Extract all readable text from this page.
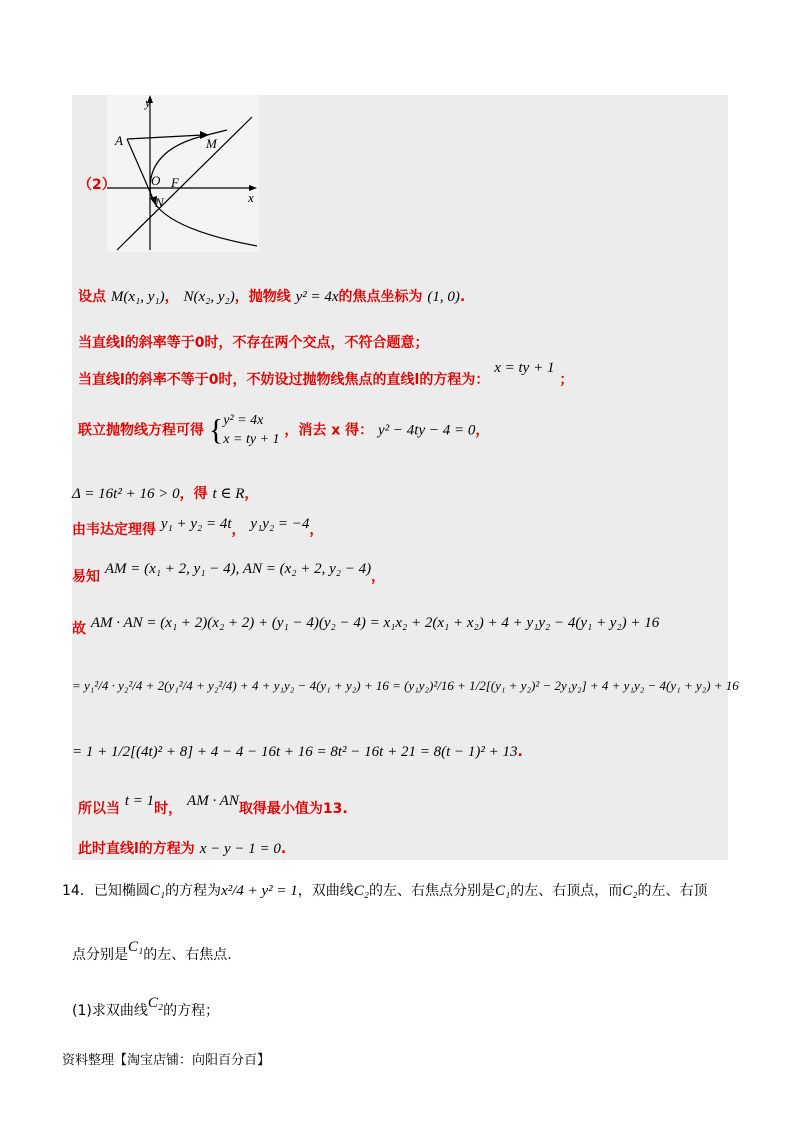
y
x
A	M
O F
N
（2）
设点 M(x₁, y₁)， N(x₂, y₂)，抛物线 y² = 4x的焦点坐标为 (1, 0).
当直线l的斜率等于0时，不存在两个交点，不符合题意；
当直线l的斜率不等于0时，不妨设过抛物线焦点的直线l的方程为： x = ty + 1 ；
联立抛物线方程可得 { y² = 4x
x = ty + 1
，消去 x 得： y² − 4ty − 4 = 0，
Δ = 16t² + 16 > 0，得 t ∈ R，
由韦达定理得 y₁ + y₂ = 4t， y₁y₂ = −4，
易知 AM = (x₁ + 2, y₁ − 4), AN = (x₂ + 2, y₂ − 4)，
故 AM · AN = (x₁ + 2)(x₂ + 2) + (y₁ − 4)(y₂ − 4) = x₁x₂ + 2(x₁ + x₂) + 4 + y₁y₂ − 4(y₁ + y₂) + 16
= y₁²/4 · y₂²/4 + 2(y₁²/4 + y₂²/4) + 4 + y₁y₂ − 4(y₁ + y₂) + 16 = (y₁y₂)²/16 + 1/2[(y₁ + y₂)² − 2y₁y₂] + 4 + y₁y₂ − 4(y₁ + y₂) + 16
= 1 + 1/2[(4t)² + 8] + 4 − 4 − 16t + 16 = 8t² − 16t + 21 = 8(t − 1)² + 13.
所以当 t = 1时， AM · AN取得最小值为13.
此时直线l的方程为 x − y − 1 = 0.
14．已知椭圆C₁的方程为x²/4 + y² = 1，双曲线C₂的左、右焦点分别是C₁的左、右顶点，而C₂的左、右顶
点分别是C₁的左、右焦点.
(1)求双曲线C₂的方程；
资料整理【淘宝店铺：向阳百分百】
